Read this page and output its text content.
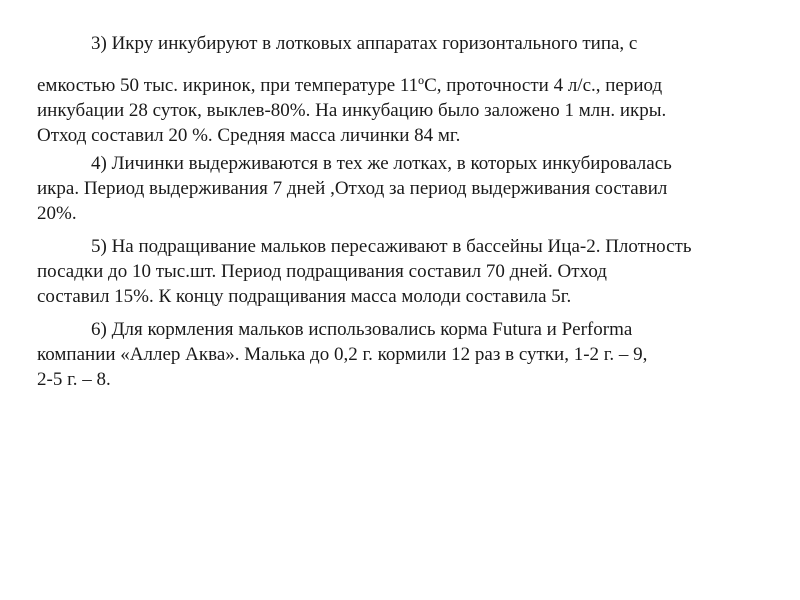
3) Икру инкубируют в лотковых аппаратах горизонтального типа, с
емкостью 50 тыс. икринок, при температуре 11ºС, проточности 4 л/с., период
инкубации 28 суток, выклев-80%. На инкубацию было заложено 1 млн. икры.
Отход составил 20 %. Средняя масса личинки 84 мг.
4) Личинки выдерживаются в тех же лотках, в которых инкубировалась
икра. Период выдерживания 7 дней ,Отход за период выдерживания составил
20%.
5) На подращивание мальков пересаживают в бассейны Ица-2. Плотность
посадки до 10 тыс.шт. Период подращивания составил 70 дней. Отход
составил 15%. К концу подращивания масса молоди составила 5г.
6) Для кормления мальков использовались корма Futura и Performa
компании «Аллер Аква». Малька до 0,2 г. кормили 12 раз в сутки, 1-2 г. – 9,
2-5 г. – 8.
